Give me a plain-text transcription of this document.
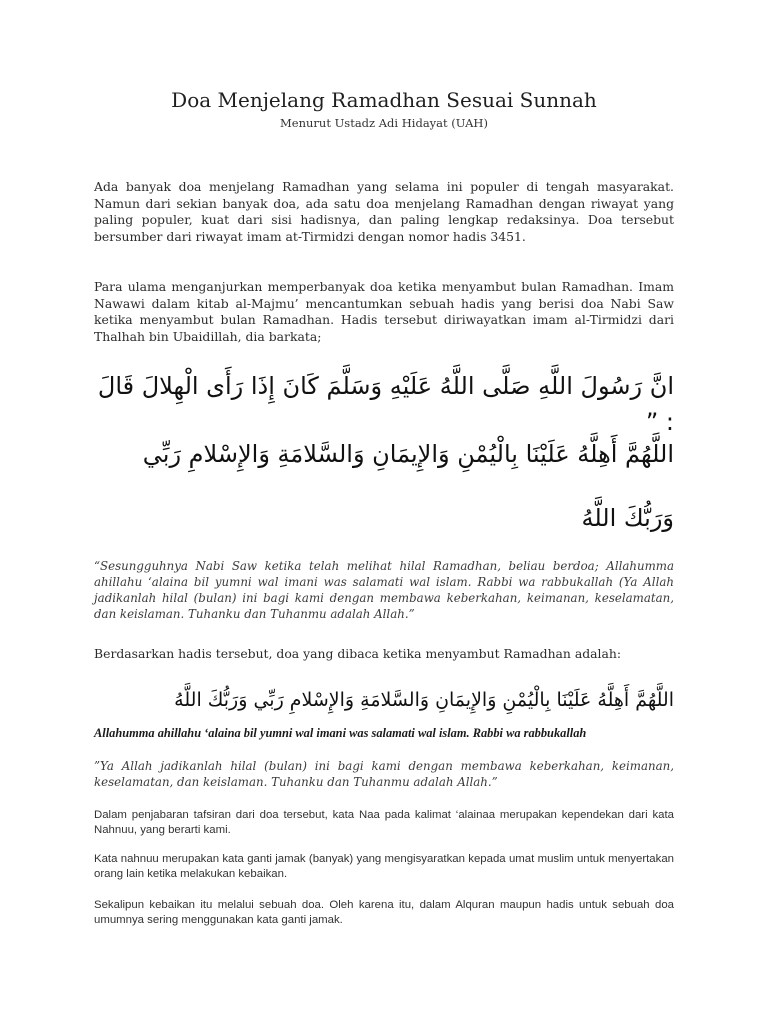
Doa Menjelang Ramadhan Sesuai Sunnah
Menurut Ustadz Adi Hidayat (UAH)

Ada banyak doa menjelang Ramadhan yang selama ini populer di tengah masyarakat. Namun dari sekian banyak doa, ada satu doa menjelang Ramadhan dengan riwayat yang paling populer, kuat dari sisi hadisnya, dan paling lengkap redaksinya. Doa tersebut bersumber dari riwayat imam at-Tirmidzi dengan nomor hadis 3451.

Para ulama menganjurkan memperbanyak doa ketika menyambut bulan Ramadhan. Imam Nawawi dalam kitab al-Majmu’ mencantumkan sebuah hadis yang berisi doa Nabi Saw ketika menyambut bulan Ramadhan. Hadis tersebut diriwayatkan imam al-Tirmidzi dari Thalhah bin Ubaidillah, dia barkata;

انَّ رَسُولَ اللَّهِ صَلَّى اللَّهُ عَلَيْهِ وَسَلَّمَ كَانَ إِذَا رَأَى الْهِلالَ قَالَ : ”

اللَّهُمَّ أَهِلَّهُ عَلَيْنَا بِالْيُمْنِ وَالإِيمَانِ وَالسَّلامَةِ وَالإِسْلامِ رَبِّي

وَرَبُّكَ اللَّهُ

“Sesungguhnya Nabi Saw ketika telah melihat hilal Ramadhan, beliau berdoa; Allahumma ahillahu ‘alaina bil yumni wal imani was salamati wal islam. Rabbi wa rabbukallah (Ya Allah jadikanlah hilal (bulan) ini bagi kami dengan membawa keberkahan, keimanan, keselamatan, dan keislaman. Tuhanku dan Tuhanmu adalah Allah.”

Berdasarkan hadis tersebut, doa yang dibaca ketika menyambut Ramadhan adalah:

اللَّهُمَّ أَهِلَّهُ عَلَيْنَا بِالْيُمْنِ وَالإِيمَانِ وَالسَّلامَةِ وَالإِسْلامِ رَبِّي وَرَبُّكَ اللَّهُ

Allahumma ahillahu ‘alaina bil yumni wal imani was salamati wal islam. Rabbi wa rabbukallah

”Ya Allah jadikanlah hilal (bulan) ini bagi kami dengan membawa keberkahan, keimanan, keselamatan, dan keislaman. Tuhanku dan Tuhanmu adalah Allah.”

Dalam penjabaran tafsiran dari doa tersebut, kata Naa pada kalimat ‘alainaa merupakan kependekan dari kata Nahnuu, yang berarti kami.

Kata nahnuu merupakan kata ganti jamak (banyak) yang mengisyaratkan kepada umat muslim untuk menyertakan orang lain ketika melakukan kebaikan.

Sekalipun kebaikan itu melalui sebuah doa. Oleh karena itu, dalam Alquran maupun hadis untuk sebuah doa umumnya sering menggunakan kata ganti jamak.
